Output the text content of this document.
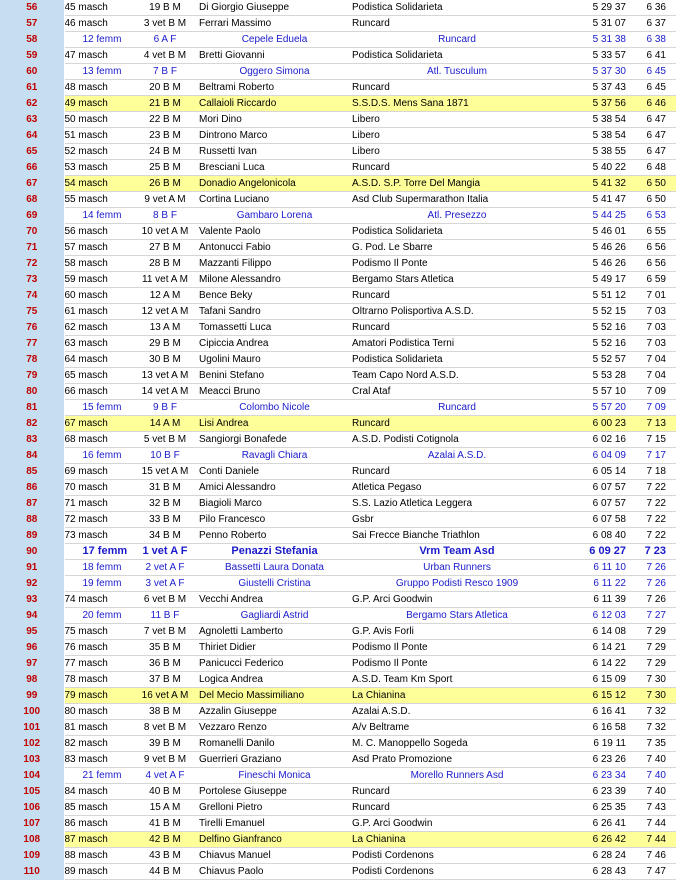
56	45 masch	19 B M	Di Giorgio Giuseppe	Podistica Solidarieta	5 29 37	6 36
57	46 masch	3 vet B M	Ferrari Massimo	Runcard	5 31 07	6 37
58	12 femm	6 A F	Cepele Eduela	Runcard	5 31 38	6 38
59	47 masch	4 vet B M	Bretti Giovanni	Podistica Solidarieta	5 33 57	6 41
60	13 femm	7 B F	Oggero Simona	Atl. Tusculum	5 37 30	6 45
61	48 masch	20 B M	Beltrami Roberto	Runcard	5 37 43	6 45
62	49 masch	21 B M	Callaioli Riccardo	S.S.D.S. Mens Sana 1871	5 37 56	6 46
63	50 masch	22 B M	Mori Dino	Libero	5 38 54	6 47
64	51 masch	23 B M	Dintrono Marco	Libero	5 38 54	6 47
65	52 masch	24 B M	Russetti Ivan	Libero	5 38 55	6 47
66	53 masch	25 B M	Bresciani Luca	Runcard	5 40 22	6 48
67	54 masch	26 B M	Donadio Angelonicola	A.S.D. S.P. Torre Del Mangia	5 41 32	6 50
68	55 masch	9 vet A M	Cortina Luciano	Asd Club Supermarathon Italia	5 41 47	6 50
69	14 femm	8 B F	Gambaro Lorena	Atl. Presezzo	5 44 25	6 53
70	56 masch	10 vet A M	Valente Paolo	Podistica Solidarieta	5 46 01	6 55
71	57 masch	27 B M	Antonucci Fabio	G. Pod. Le Sbarre	5 46 26	6 56
72	58 masch	28 B M	Mazzanti Filippo	Podismo Il Ponte	5 46 26	6 56
73	59 masch	11 vet A M	Milone Alessandro	Bergamo Stars Atletica	5 49 17	6 59
74	60 masch	12 A M	Bence Beky	Runcard	5 51 12	7 01
75	61 masch	12 vet A M	Tafani Sandro	Oltrarno Polisportiva A.S.D.	5 52 15	7 03
76	62 masch	13 A M	Tomassetti Luca	Runcard	5 52 16	7 03
77	63 masch	29 B M	Cipiccia Andrea	Amatori Podistica Terni	5 52 16	7 03
78	64 masch	30 B M	Ugolini Mauro	Podistica Solidarieta	5 52 57	7 04
79	65 masch	13 vet A M	Benini Stefano	Team Capo Nord A.S.D.	5 53 28	7 04
80	66 masch	14 vet A M	Meacci Bruno	Cral Ataf	5 57 10	7 09
81	15 femm	9 B F	Colombo Nicole	Runcard	5 57 20	7 09
82	67 masch	14 A M	Lisi Andrea	Runcard	6 00 23	7 13
83	68 masch	5 vet B M	Sangiorgi Bonafede	A.S.D. Podisti Cotignola	6 02 16	7 15
84	16 femm	10 B F	Ravagli Chiara	Azalai A.S.D.	6 04 09	7 17
85	69 masch	15 vet A M	Conti Daniele	Runcard	6 05 14	7 18
86	70 masch	31 B M	Amici Alessandro	Atletica Pegaso	6 07 57	7 22
87	71 masch	32 B M	Biagioli Marco	S.S. Lazio Atletica Leggera	6 07 57	7 22
88	72 masch	33 B M	Pilo Francesco	Gsbr	6 07 58	7 22
89	73 masch	34 B M	Penno Roberto	Sai Frecce Bianche Triathlon	6 08 40	7 22
90	17 femm	1 vet A F	Penazzi Stefania	Vrm Team Asd	6 09 27	7 23
91	18 femm	2 vet A F	Bassetti Laura Donata	Urban Runners	6 11 10	7 26
92	19 femm	3 vet A F	Giustelli Cristina	Gruppo Podisti Resco 1909	6 11 22	7 26
93	74 masch	6 vet B M	Vecchi Andrea	G.P. Arci Goodwin	6 11 39	7 26
94	20 femm	11 B F	Gagliardi Astrid	Bergamo Stars Atletica	6 12 03	7 27
95	75 masch	7 vet B M	Agnoletti Lamberto	G.P. Avis Forli	6 14 08	7 29
96	76 masch	35 B M	Thiriet Didier	Podismo Il Ponte	6 14 21	7 29
97	77 masch	36 B M	Panicucci Federico	Podismo Il Ponte	6 14 22	7 29
98	78 masch	37 B M	Logica Andrea	A.S.D. Team Km Sport	6 15 09	7 30
99	79 masch	16 vet A M	Del Mecio Massimiliano	La Chianina	6 15 12	7 30
100	80 masch	38 B M	Azzalin Giuseppe	Azalai A.S.D.	6 16 41	7 32
101	81 masch	8 vet B M	Vezzaro Renzo	A/v Beltrame	6 16 58	7 32
102	82 masch	39 B M	Romanelli Danilo	M. C. Manoppello Sogeda	6 19 11	7 35
103	83 masch	9 vet B M	Guerrieri Graziano	Asd Prato Promozione	6 23 26	7 40
104	21 femm	4 vet A F	Fineschi Monica	Morello Runners Asd	6 23 34	7 40
105	84 masch	40 B M	Portolese Giuseppe	Runcard	6 23 39	7 40
106	85 masch	15 A M	Grelloni Pietro	Runcard	6 25 35	7 43
107	86 masch	41 B M	Tirelli Emanuel	G.P. Arci Goodwin	6 26 41	7 44
108	87 masch	42 B M	Delfino Gianfranco	La Chianina	6 26 42	7 44
109	88 masch	43 B M	Chiavus Manuel	Podisti Cordenons	6 28 24	7 46
110	89 masch	44 B M	Chiavus Paolo	Podisti Cordenons	6 28 43	7 47
